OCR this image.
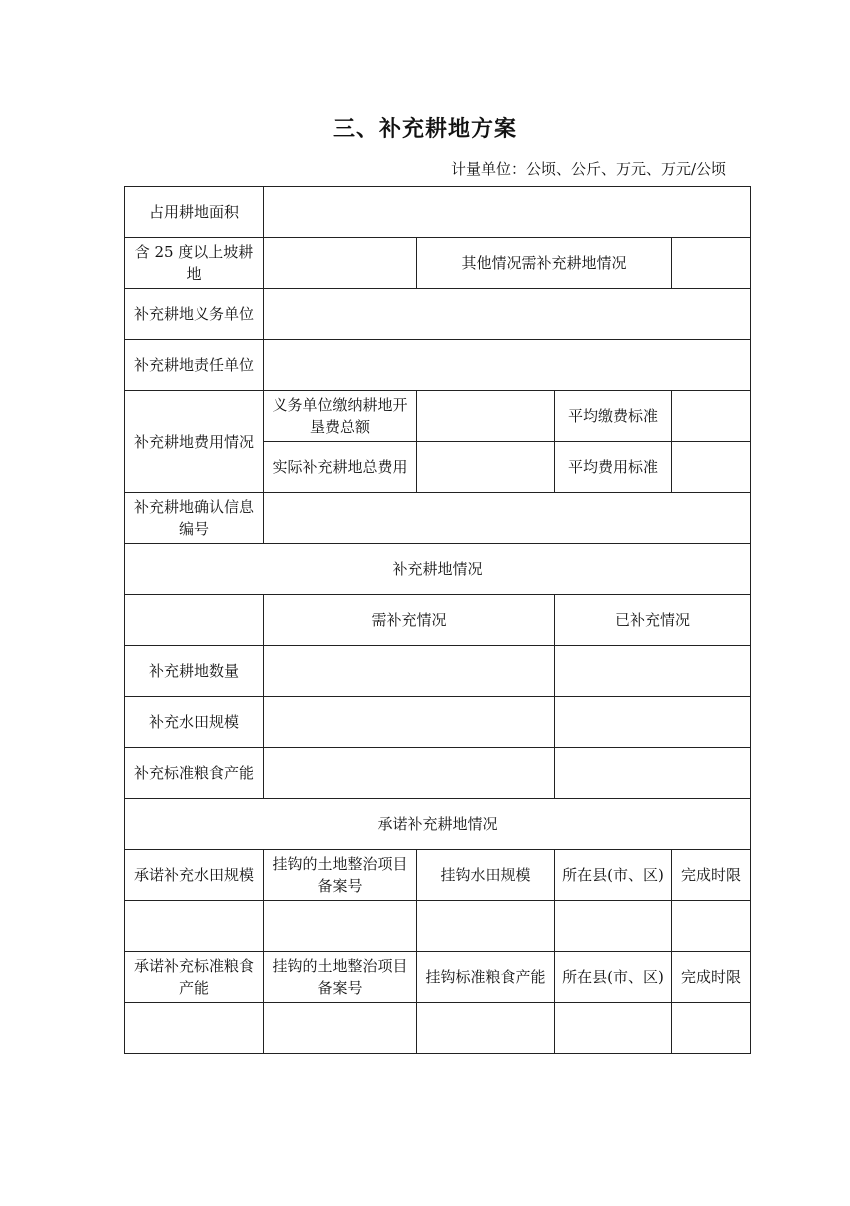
三、补充耕地方案
计量单位：公顷、公斤、万元、万元/公顷
占用耕地面积				
含 25 度以上坡耕地		其他情况需补充耕地情况		
补充耕地义务单位				
补充耕地责任单位				
补充耕地费用情况	义务单位缴纳耕地开垦费总额		平均缴费标准	
	实际补充耕地总费用		平均费用标准	
补充耕地确认信息编号				
补充耕地情况				
	需补充情况		已补充情况	
补充耕地数量				
补充水田规模				
补充标准粮食产能				
承诺补充耕地情况				
承诺补充水田规模	挂钩的土地整治项目备案号	挂钩水田规模	所在县(市、区)	完成时限

承诺补充标准粮食产能	挂钩的土地整治项目备案号	挂钩标准粮食产能	所在县(市、区)	完成时限
